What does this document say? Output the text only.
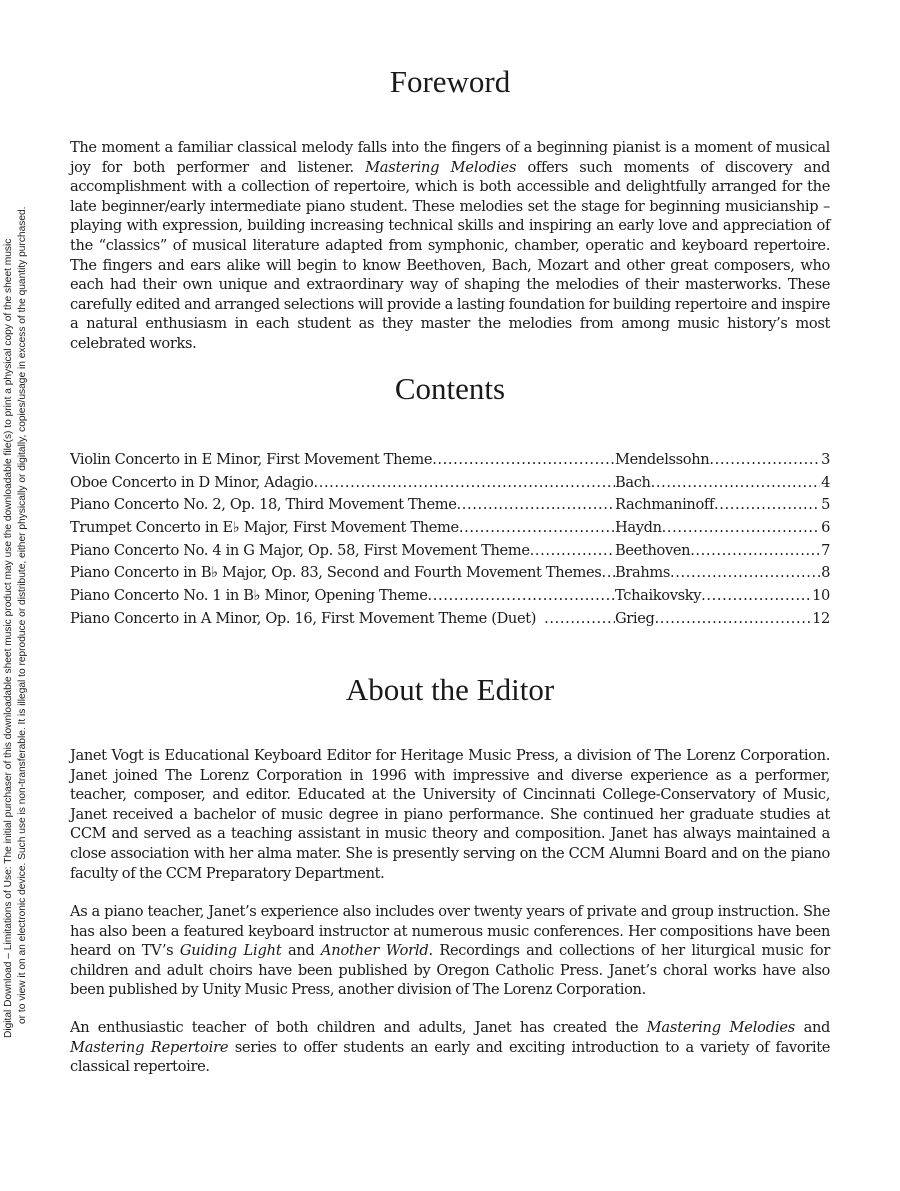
Digital Download – Limitations of Use: The initial purchaser of this downloadable sheet music product may use the downloadable file(s) to print a physical copy of the sheet music or to view it on an electronic device. Such use is non-transferable. It is illegal to reproduce or distribute, either physically or digitally, copies/usage in excess of the quantity purchased.
Foreword

The moment a familiar classical melody falls into the fingers of a beginning pianist is a moment of musical joy for both performer and listener. Mastering Melodies offers such moments of discovery and accomplishment with a collection of repertoire, which is both accessible and delightfully arranged for the late beginner/early intermediate piano student. These melodies set the stage for beginning musicianship – playing with expression, building increasing technical skills and inspiring an early love and appreciation of the “classics” of musical literature adapted from symphonic, chamber, operatic and keyboard repertoire. The fingers and ears alike will begin to know Beethoven, Bach, Mozart and other great composers, who each had their own unique and extraordinary way of shaping the melodies of their masterworks. These carefully edited and arranged selections will provide a lasting foundation for building repertoire and inspire a natural enthusiasm in each student as they master the melodies from among music history’s most celebrated works.

Contents
Violin Concerto in E Minor, First Movement Theme .....	Mendelssohn .....	3
Oboe Concerto in D Minor, Adagio .....	Bach .....	4
Piano Concerto No. 2, Op. 18, Third Movement Theme .....	Rachmaninoff .....	5
Trumpet Concerto in E♭ Major, First Movement Theme .....	Haydn .....	6
Piano Concerto No. 4 in G Major, Op. 58, First Movement Theme .....	Beethoven .....	7
Piano Concerto in B♭ Major, Op. 83, Second and Fourth Movement Themes ..... Brahms .....	8
Piano Concerto No. 1 in B♭ Minor, Opening Theme .....	Tchaikovsky .....	10
Piano Concerto in A Minor, Op. 16, First Movement Theme (Duet) .....	Grieg .....	12
About the Editor

Janet Vogt is Educational Keyboard Editor for Heritage Music Press, a division of The Lorenz Corporation. Janet joined The Lorenz Corporation in 1996 with impressive and diverse experience as a performer, teacher, composer, and editor. Educated at the University of Cincinnati College-Conservatory of Music, Janet received a bachelor of music degree in piano performance. She continued her graduate studies at CCM and served as a teaching assistant in music theory and composition. Janet has always maintained a close association with her alma mater. She is presently serving on the CCM Alumni Board and on the piano faculty of the CCM Preparatory Department.

As a piano teacher, Janet’s experience also includes over twenty years of private and group instruction. She has also been a featured keyboard instructor at numerous music conferences. Her compositions have been heard on TV’s Guiding Light and Another World. Recordings and collections of her liturgical music for children and adult choirs have been published by Oregon Catholic Press. Janet’s choral works have also been published by Unity Music Press, another division of The Lorenz Corporation.

An enthusiastic teacher of both children and adults, Janet has created the Mastering Melodies and Mastering Repertoire series to offer students an early and exciting introduction to a variety of favorite classical repertoire.
